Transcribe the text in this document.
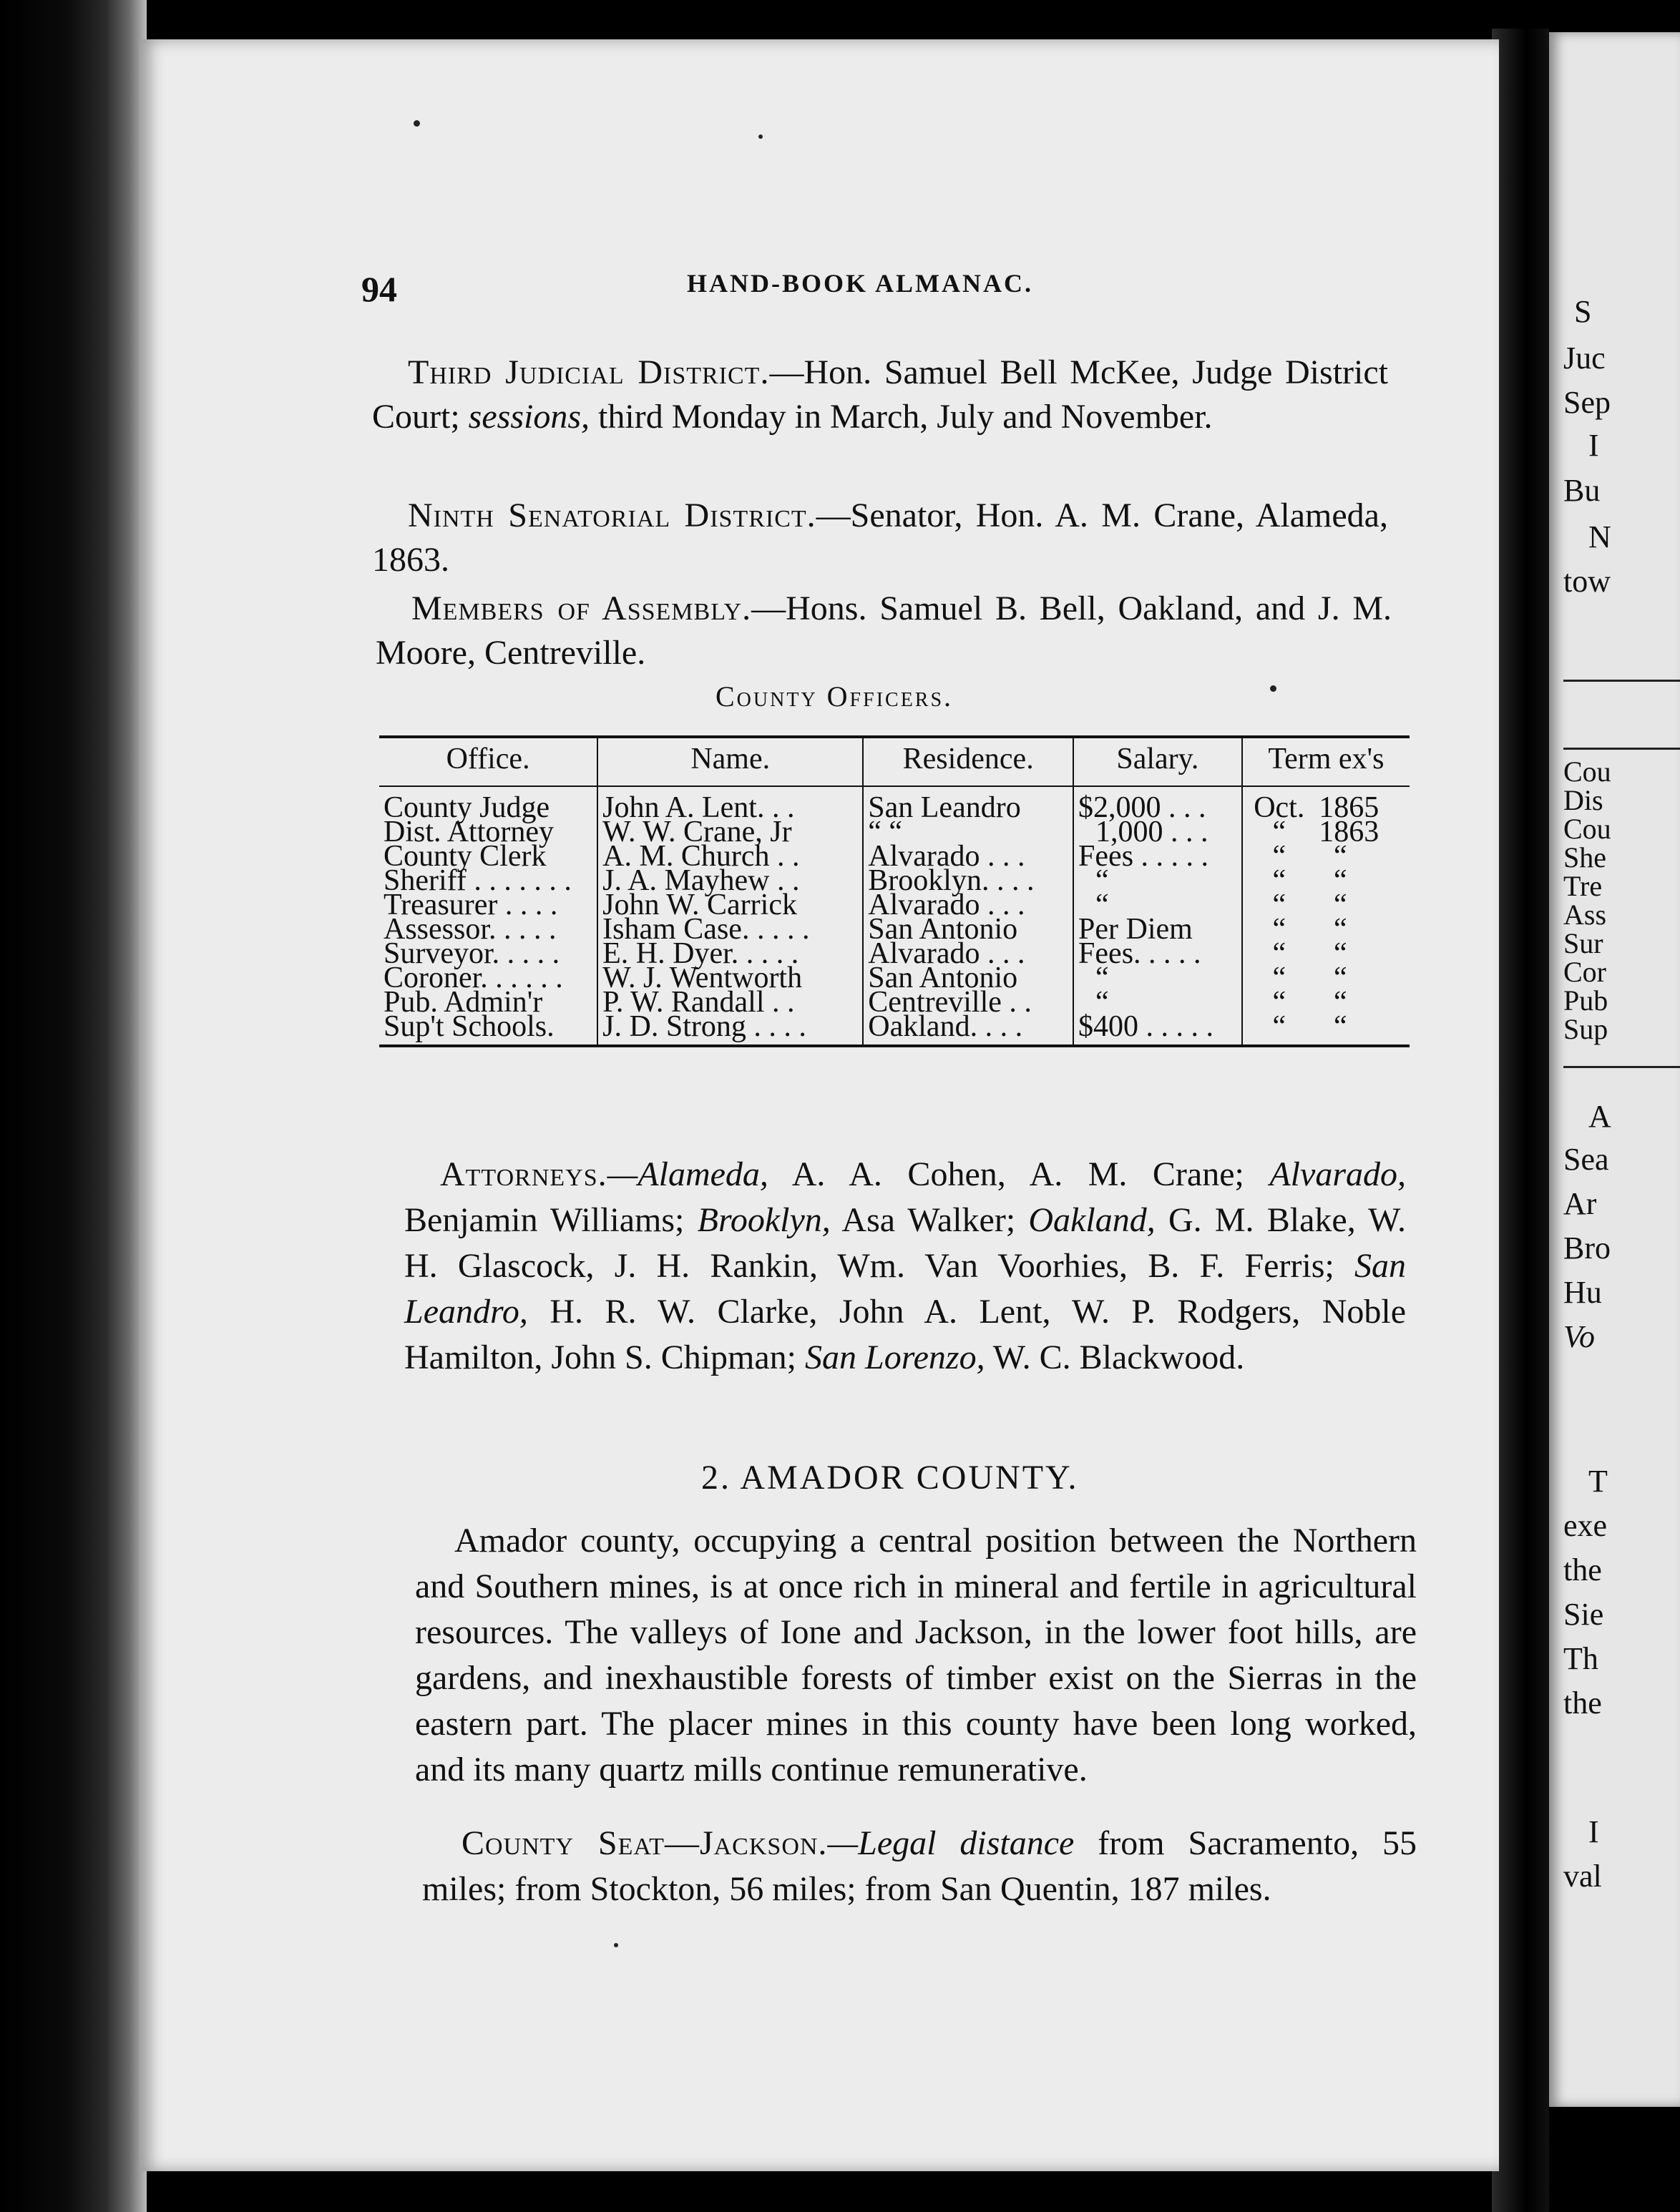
94	HAND-BOOK ALMANAC.
Third Judicial District.—Hon. Samuel Bell McKee, Judge District Court; sessions, third Monday in March, July and November.
Ninth Senatorial District.—Senator, Hon. A. M. Crane, Alameda, 1863.
Members of Assembly.—Hons. Samuel B. Bell, Oakland, and J. M. Moore, Centreville.
County Officers.
Office.	Name.	Residence.	Salary.	Term ex's
County Judge	John A. Lent. . .	San Leandro	$2,000 . . .	Oct. 1865
Dist. Attorney	W. W. Crane, Jr	“ “	1,000 . . .	“ 1863
County Clerk	A. M. Church . .	Alvarado . . .	Fees . . . . .	“ “
Sheriff . . . . . . .	J. A. Mayhew . .	Brooklyn. . . .	“	“ “
Treasurer . . . .	John W. Carrick	Alvarado . . .	“	“ “
Assessor. . . . .	Isham Case. . . . .	San Antonio	Per Diem	“ “
Surveyor. . . . .	E. H. Dyer. . . . .	Alvarado . . .	Fees. . . . .	“ “
Coroner. . . . . .	W. J. Wentworth	San Antonio	“	“ “
Pub. Admin'r	P. W. Randall . .	Centreville . .	“	“ “
Sup't Schools.	J. D. Strong . . . .	Oakland. . . .	$400 . . . . .	“ “
Attorneys.—Alameda, A. A. Cohen, A. M. Crane; Alvarado, Benjamin Williams; Brooklyn, Asa Walker; Oakland, G. M. Blake, W. H. Glascock, J. H. Rankin, Wm. Van Voorhies, B. F. Ferris; San Leandro, H. R. W. Clarke, John A. Lent, W. P. Rodgers, Noble Hamilton, John S. Chipman; San Lorenzo, W. C. Blackwood.
2. AMADOR COUNTY.
Amador county, occupying a central position between the Northern and Southern mines, is at once rich in mineral and fertile in agricultural resources. The valleys of Ione and Jackson, in the lower foot hills, are gardens, and inexhaustible forests of timber exist on the Sierras in the eastern part. The placer mines in this county have been long worked, and its many quartz mills continue remunerative.
County Seat—Jackson.—Legal distance from Sacramento, 55 miles; from Stockton, 56 miles; from San Quentin, 187 miles.
S
Juc
Sep
I
Bu
N
tow
Cou
Dis
Cou
She
Tre
Ass
Sur
Cor
Pub
Sup
A
Sea
Ar
Bro
Hu
Vo
T
exe
the
Sie
Th
the
I
val
